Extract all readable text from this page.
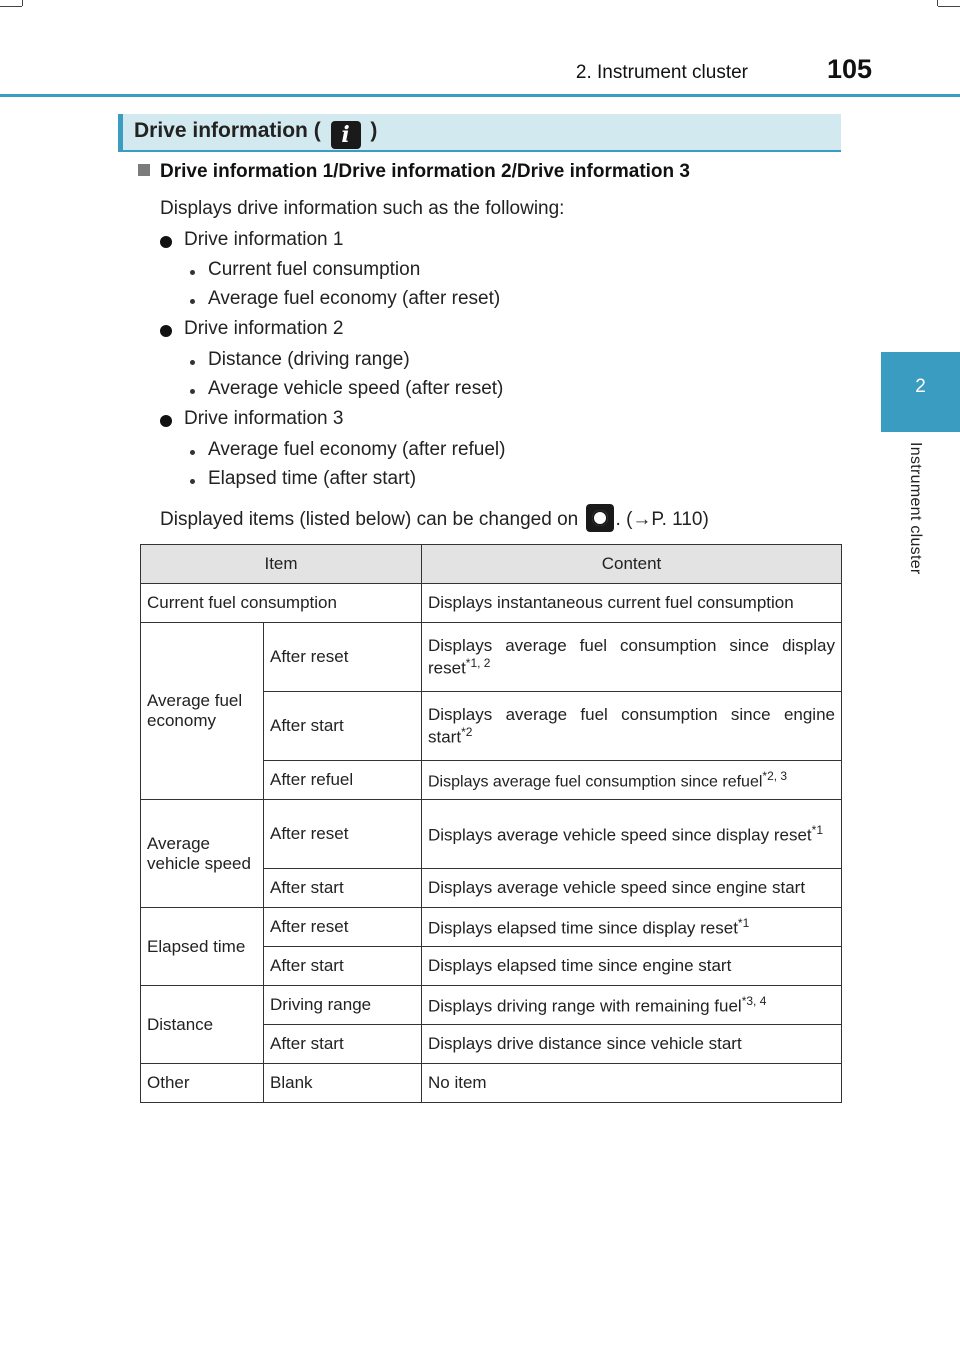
2. Instrument cluster	105
2
Instrument cluster
Drive information ( i )
Drive information 1/Drive information 2/Drive information 3
Displays drive information such as the following:
Drive information 1
Current fuel consumption
Average fuel economy (after reset)
Drive information 2
Distance (driving range)
Average vehicle speed (after reset)
Drive information 3
Average fuel economy (after refuel)
Elapsed time (after start)
Displayed items (listed below) can be changed on . (→P. 110)
Item		Content
Current fuel consumption		Displays instantaneous current fuel consumption
Average fuel economy	After reset	Displays average fuel consumption since display reset$^{*1, 2}$
	After start	Displays average fuel consumption since engine start$^{*2}$
	After refuel	Displays average fuel consumption since refuel$^{*2, 3}$
Average vehicle speed	After reset	Displays average vehicle speed since display reset$^{*1}$
	After start	Displays average vehicle speed since engine start
Elapsed time	After reset	Displays elapsed time since display reset$^{*1}$
	After start	Displays elapsed time since engine start
Distance	Driving range	Displays driving range with remaining fuel$^{*3, 4}$
	After start	Displays drive distance since vehicle start
Other	Blank	No item
